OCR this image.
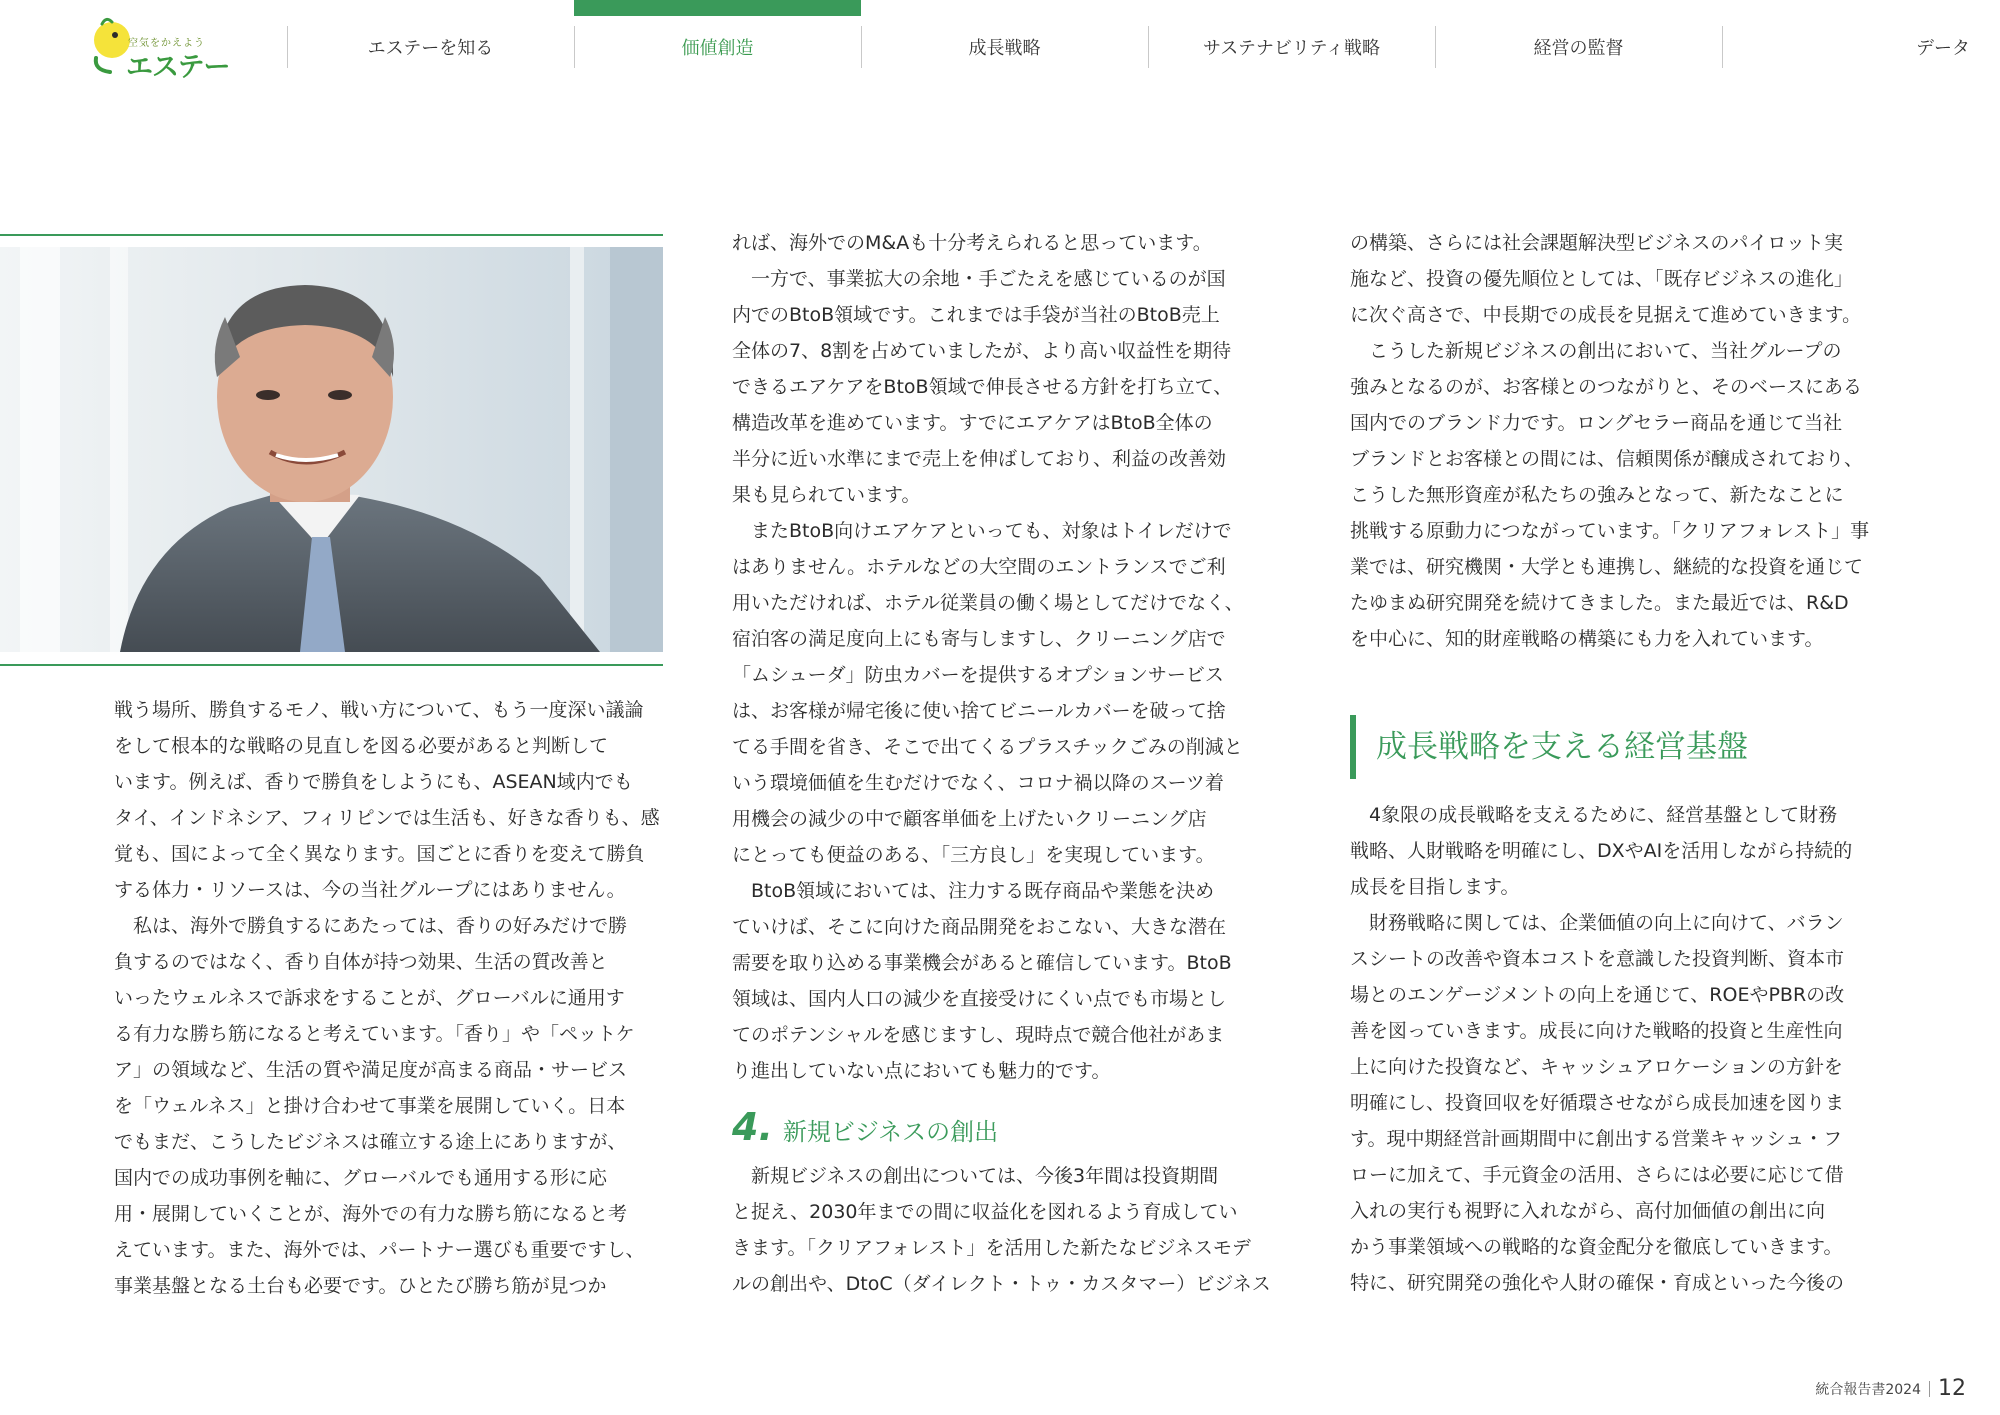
空気をかえよう
エステー
エステーを知る	価値創造	成長戦略	サステナビリティ戦略	経営の監督	データ

戦う場所、勝負するモノ、戦い方について、もう一度深い議論

をして根本的な戦略の見直しを図る必要があると判断して

います。例えば、香りで勝負をしようにも、ASEAN域内でも

タイ、インドネシア、フィリピンでは生活も、好きな香りも、感

覚も、国によって全く異なります。国ごとに香りを変えて勝負

する体力・リソースは、今の当社グループにはありません。

私は、海外で勝負するにあたっては、香りの好みだけで勝

負するのではなく、香り自体が持つ効果、生活の質改善と

いったウェルネスで訴求をすることが、グローバルに通用す

る有力な勝ち筋になると考えています。「香り」や「ペットケ

ア」の領域など、生活の質や満足度が高まる商品・サービス

を「ウェルネス」と掛け合わせて事業を展開していく。日本

でもまだ、こうしたビジネスは確立する途上にありますが、

国内での成功事例を軸に、グローバルでも通用する形に応

用・展開していくことが、海外での有力な勝ち筋になると考

えています。また、海外では、パートナー選びも重要ですし、

事業基盤となる土台も必要です。ひとたび勝ち筋が見つか

れば、海外でのM&Aも十分考えられると思っています。

一方で、事業拡大の余地・手ごたえを感じているのが国

内でのBtoB領域です。これまでは手袋が当社のBtoB売上

全体の7、8割を占めていましたが、より高い収益性を期待

できるエアケアをBtoB領域で伸長させる方針を打ち立て、

構造改革を進めています。すでにエアケアはBtoB全体の

半分に近い水準にまで売上を伸ばしており、利益の改善効

果も見られています。

またBtoB向けエアケアといっても、対象はトイレだけで

はありません。ホテルなどの大空間のエントランスでご利

用いただければ、ホテル従業員の働く場としてだけでなく、

宿泊客の満足度向上にも寄与しますし、クリーニング店で

「ムシューダ」防虫カバーを提供するオプションサービス

は、お客様が帰宅後に使い捨てビニールカバーを破って捨

てる手間を省き、そこで出てくるプラスチックごみの削減と

いう環境価値を生むだけでなく、コロナ禍以降のスーツ着

用機会の減少の中で顧客単価を上げたいクリーニング店

にとっても便益のある、「三方良し」を実現しています。

BtoB領域においては、注力する既存商品や業態を決め

ていけば、そこに向けた商品開発をおこない、大きな潜在

需要を取り込める事業機会があると確信しています。BtoB

領域は、国内人口の減少を直接受けにくい点でも市場とし

てのポテンシャルを感じますし、現時点で競合他社があま

り進出していない点においても魅力的です。

4. 新規ビジネスの創出

新規ビジネスの創出については、今後3年間は投資期間

と捉え、2030年までの間に収益化を図れるよう育成してい

きます。「クリアフォレスト」を活用した新たなビジネスモデ

ルの創出や、DtoC（ダイレクト・トゥ・カスタマー）ビジネス

の構築、さらには社会課題解決型ビジネスのパイロット実

施など、投資の優先順位としては、「既存ビジネスの進化」

に次ぐ高さで、中長期での成長を見据えて進めていきます。

こうした新規ビジネスの創出において、当社グループの

強みとなるのが、お客様とのつながりと、そのベースにある

国内でのブランド力です。ロングセラー商品を通じて当社

ブランドとお客様との間には、信頼関係が醸成されており、

こうした無形資産が私たちの強みとなって、新たなことに

挑戦する原動力につながっています。「クリアフォレスト」事

業では、研究機関・大学とも連携し、継続的な投資を通じて

たゆまぬ研究開発を続けてきました。また最近では、R&D

を中心に、知的財産戦略の構築にも力を入れています。

成長戦略を支える経営基盤

4象限の成長戦略を支えるために、経営基盤として財務

戦略、人財戦略を明確にし、DXやAIを活用しながら持続的

成長を目指します。

財務戦略に関しては、企業価値の向上に向けて、バラン

スシートの改善や資本コストを意識した投資判断、資本市

場とのエンゲージメントの向上を通じて、ROEやPBRの改

善を図っていきます。成長に向けた戦略的投資と生産性向

上に向けた投資など、キャッシュアロケーションの方針を

明確にし、投資回収を好循環させながら成長加速を図りま

す。現中期経営計画期間中に創出する営業キャッシュ・フ

ローに加えて、手元資金の活用、さらには必要に応じて借

入れの実行も視野に入れながら、高付加価値の創出に向

かう事業領域への戦略的な資金配分を徹底していきます。

特に、研究開発の強化や人財の確保・育成といった今後の

統合報告書2024 12
